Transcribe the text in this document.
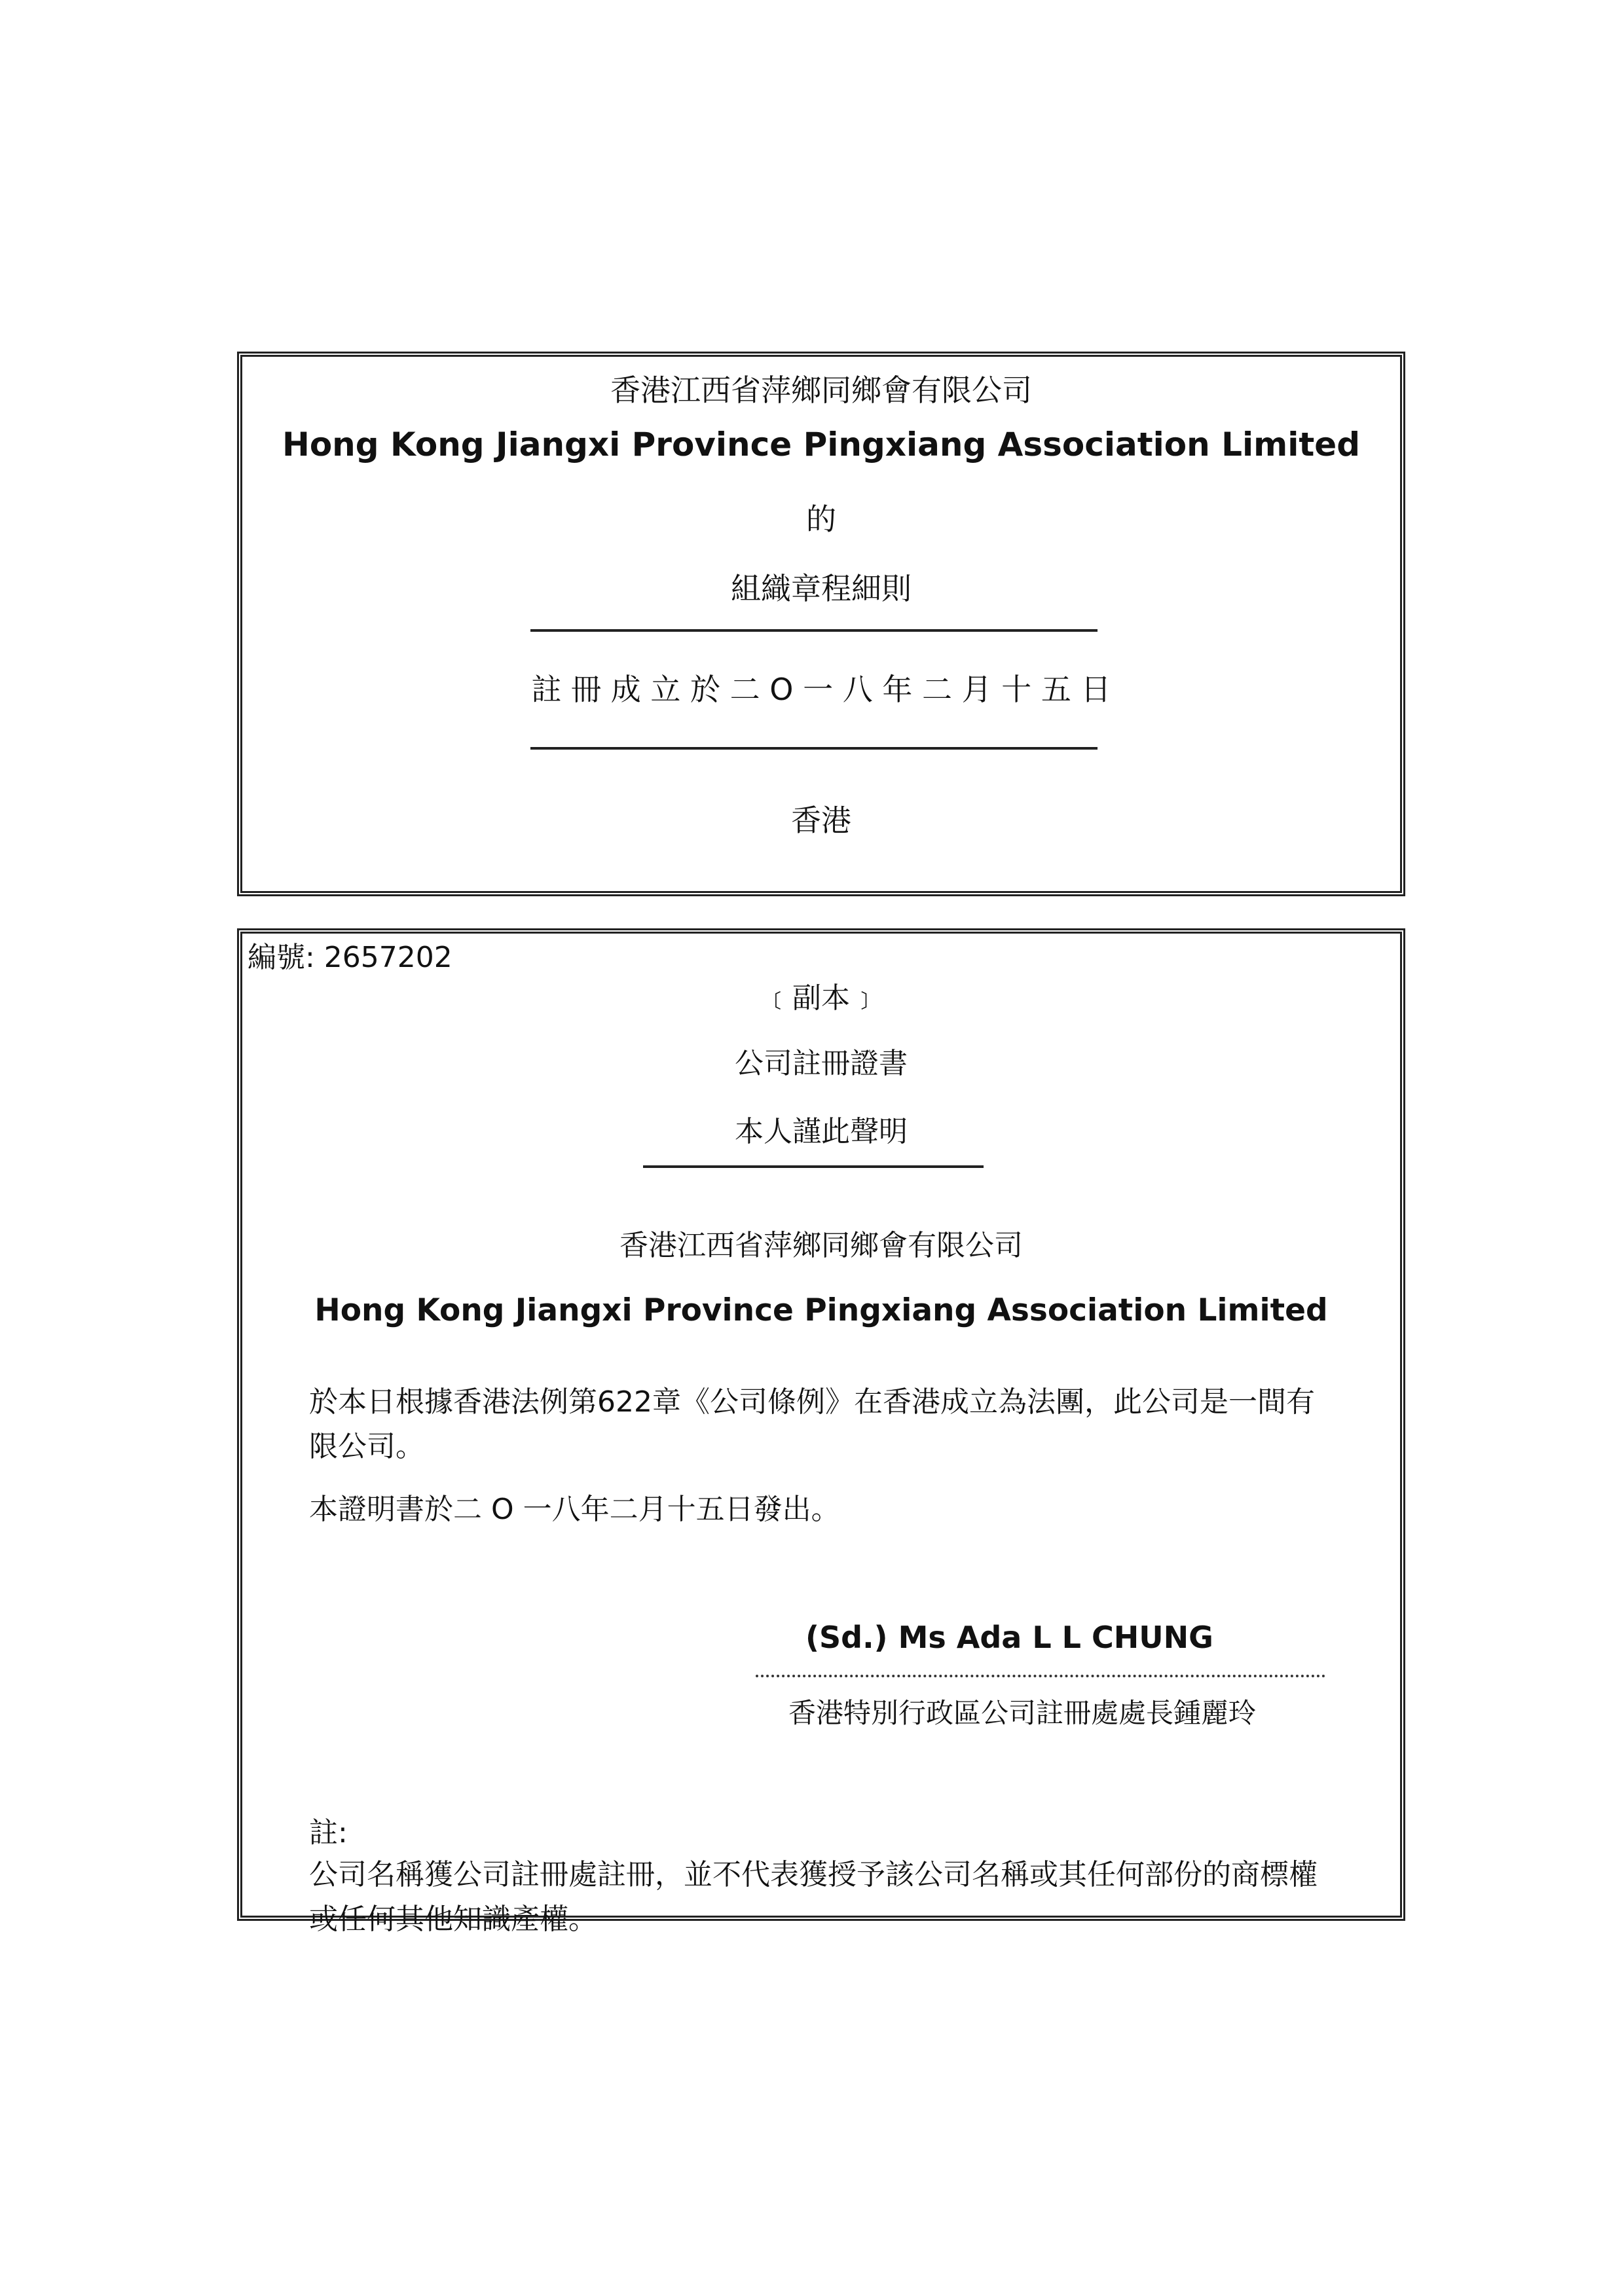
香港江西省萍鄉同鄉會有限公司
Hong Kong Jiangxi Province Pingxiang Association Limited
的
組織章程細則
註 冊 成 立 於 二 O 一 八 年 二 月 十 五 日
香港
編號: 2657202
﹝副本﹞
公司註冊證書
本人謹此聲明
香港江西省萍鄉同鄉會有限公司
Hong Kong Jiangxi Province Pingxiang Association Limited
於本日根據香港法例第622章《公司條例》在香港成立為法團，此公司是一間有限公司。
本證明書於二 O 一八年二月十五日發出。
(Sd.) Ms Ada L L CHUNG
香港特別行政區公司註冊處處長鍾麗玲
註:
公司名稱獲公司註冊處註冊，並不代表獲授予該公司名稱或其任何部份的商標權或任何其他知識產權。
